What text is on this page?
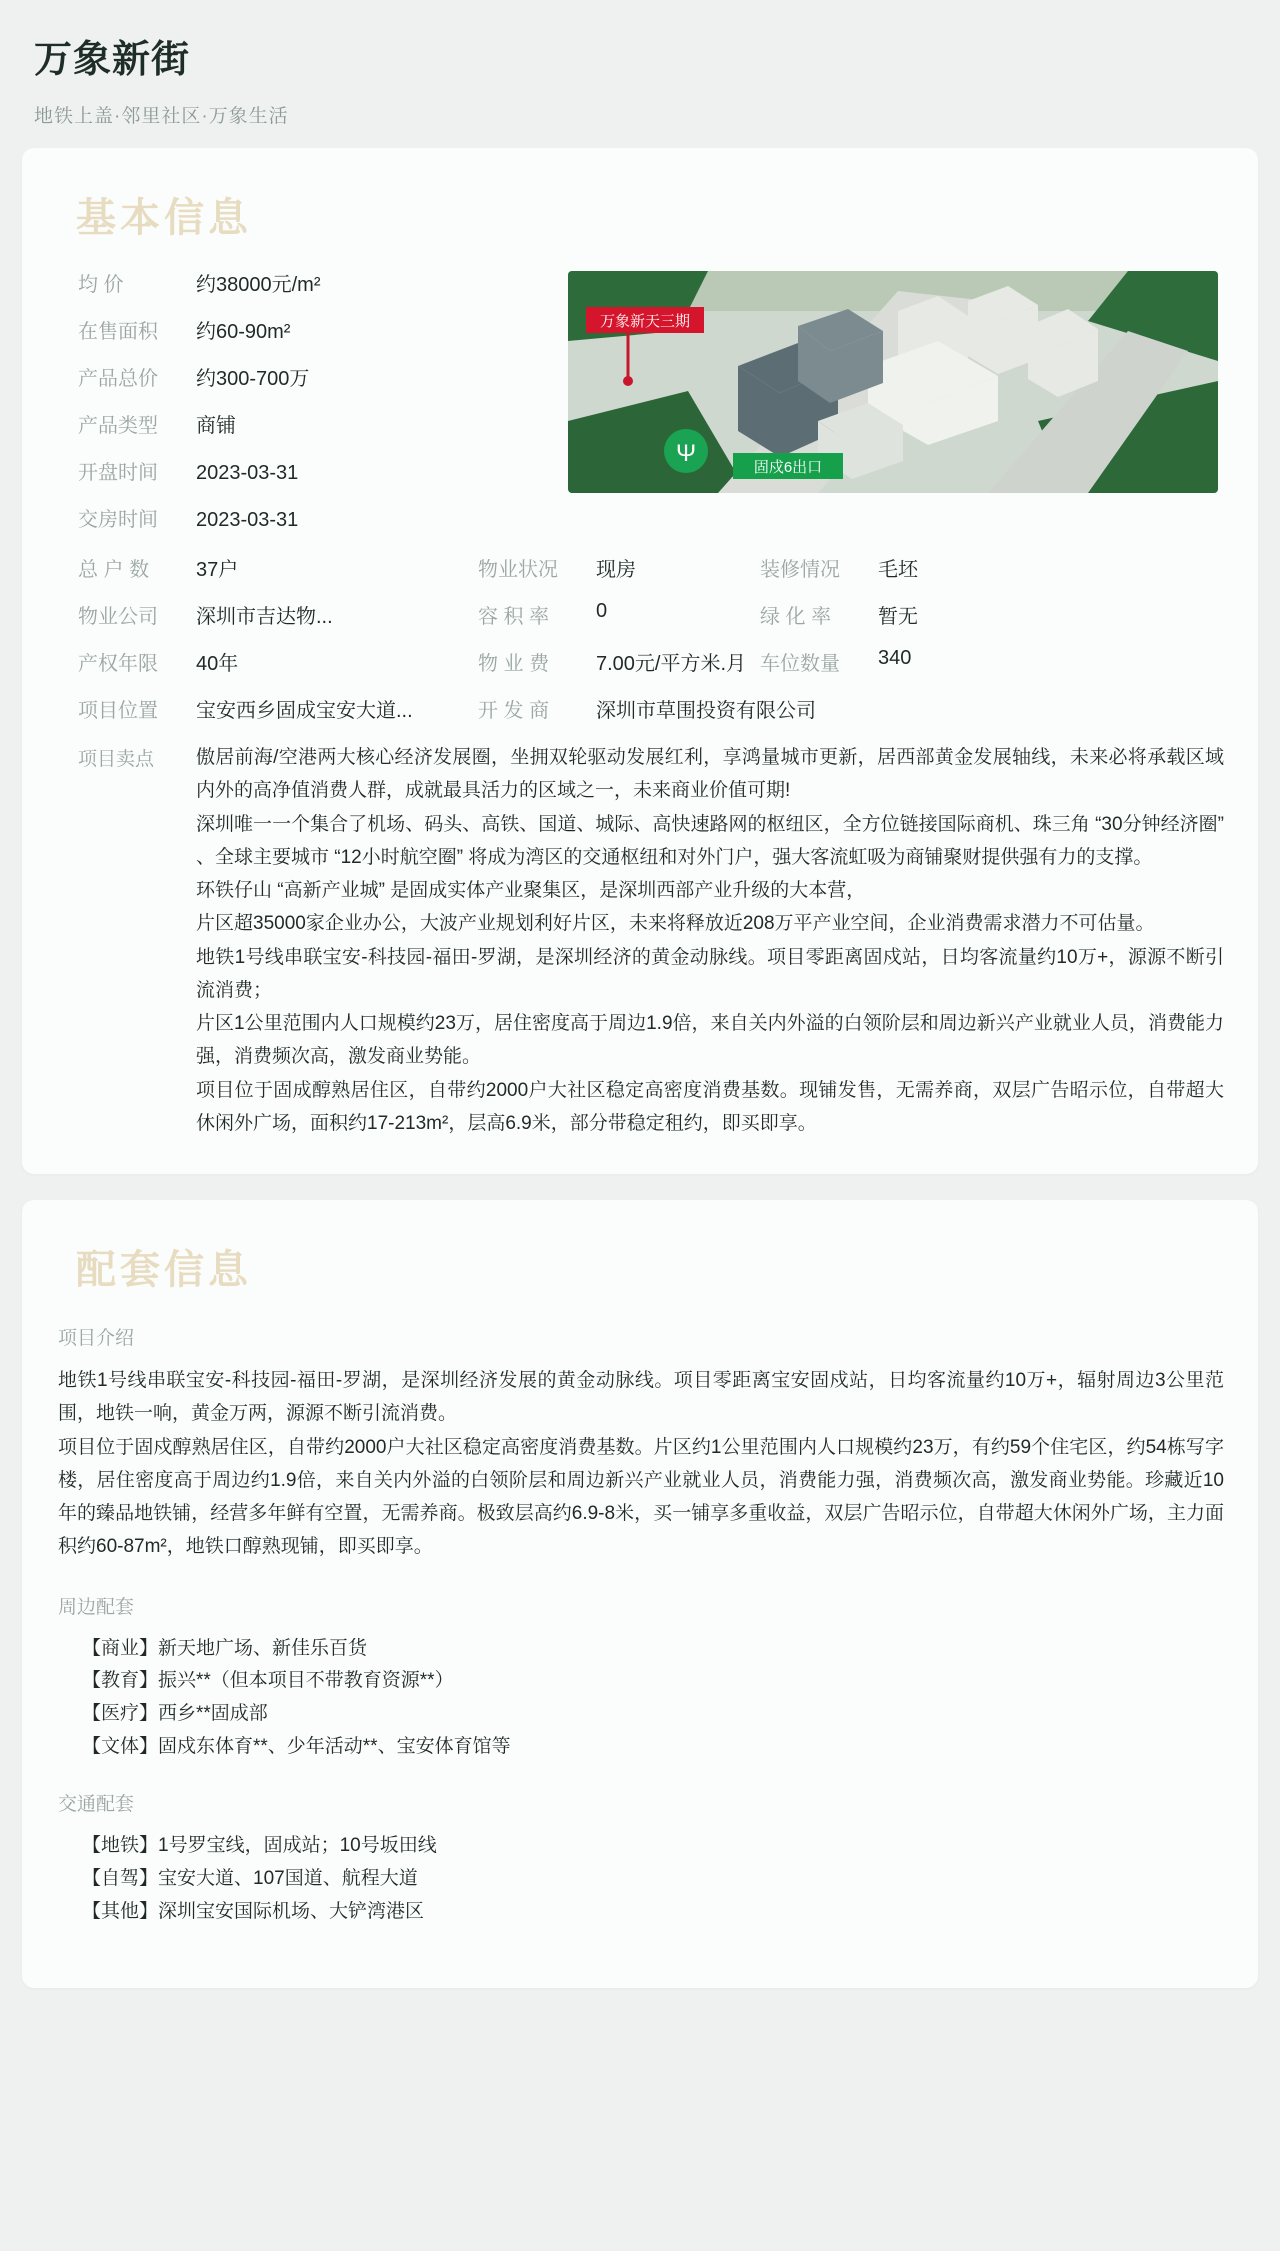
万象新街
地铁上盖·邻里社区·万象生活
基本信息
万象新天三期
固戍6出口
Ψ
均 价	约38000元/m²
在售面积	约60-90m²
产品总价	约300-700万
产品类型	商铺
开盘时间	2023-03-31
交房时间	2023-03-31
总 户 数	37户	物业状况	现房	装修情况	毛坯
物业公司	深圳市吉达物...	容 积 率	0	绿 化 率	暂无
产权年限	40年	物 业 费	7.00元/平方米.月 车位数量	340
项目位置	宝安西乡固成宝安大道...	开 发 商	深圳市草围投资有限公司
项目卖点	傲居前海/空港两大核心经济发展圈，坐拥双轮驱动发展红利，享鸿量城市更新，居西部黄金发展轴线，未来必将承载区域内外的高净值消费人群，成就最具活力的区域之一，未来商业价值可期!

深圳唯一一个集合了机场、码头、高铁、国道、城际、高快速路网的枢纽区，全方位链接国际商机、珠三角 “30分钟经济圈” 、全球主要城市 “12小时航空圈” 将成为湾区的交通枢纽和对外门户，强大客流虹吸为商铺聚财提供强有力的支撑。

环铁仔山 “高新产业城” 是固成实体产业聚集区，是深圳西部产业升级的大本营，

片区超35000家企业办公，大波产业规划利好片区，未来将释放近208万平产业空间，企业消费需求潜力不可估量。

地铁1号线串联宝安-科技园-福田-罗湖，是深圳经济的黄金动脉线。项目零距离固戍站，日均客流量约10万+，源源不断引流消费；

片区1公里范围内人口规模约23万，居住密度高于周边1.9倍，来自关内外溢的白领阶层和周边新兴产业就业人员，消费能力强，消费频次高，激发商业势能。

项目位于固成醇熟居住区，自带约2000户大社区稳定高密度消费基数。现铺发售，无需养商，双层广告昭示位，自带超大休闲外广场，面积约17-213m²，层高6.9米，部分带稳定租约，即买即享。

配套信息
项目介绍

地铁1号线串联宝安-科技园-福田-罗湖，是深圳经济发展的黄金动脉线。项目零距离宝安固戍站，日均客流量约10万+，辐射周边3公里范围，地铁一响，黄金万两，源源不断引流消费。

项目位于固戍醇熟居住区，自带约2000户大社区稳定高密度消费基数。片区约1公里范围内人口规模约23万，有约59个住宅区，约54栋写字楼，居住密度高于周边约1.9倍，来自关内外溢的白领阶层和周边新兴产业就业人员，消费能力强，消费频次高，激发商业势能。珍藏近10年的臻品地铁铺，经营多年鲜有空置，无需养商。极致层高约6.9-8米，买一铺享多重收益，双层广告昭示位，自带超大休闲外广场，主力面积约60-87m²，地铁口醇熟现铺，即买即享。

周边配套
【商业】新天地广场、新佳乐百货
【教育】振兴**（但本项目不带教育资源**）
【医疗】西乡**固成部
【文体】固戍东体育**、少年活动**、宝安体育馆等
交通配套
【地铁】1号罗宝线，固成站；10号坂田线
【自驾】宝安大道、107国道、航程大道
【其他】深圳宝安国际机场、大铲湾港区
